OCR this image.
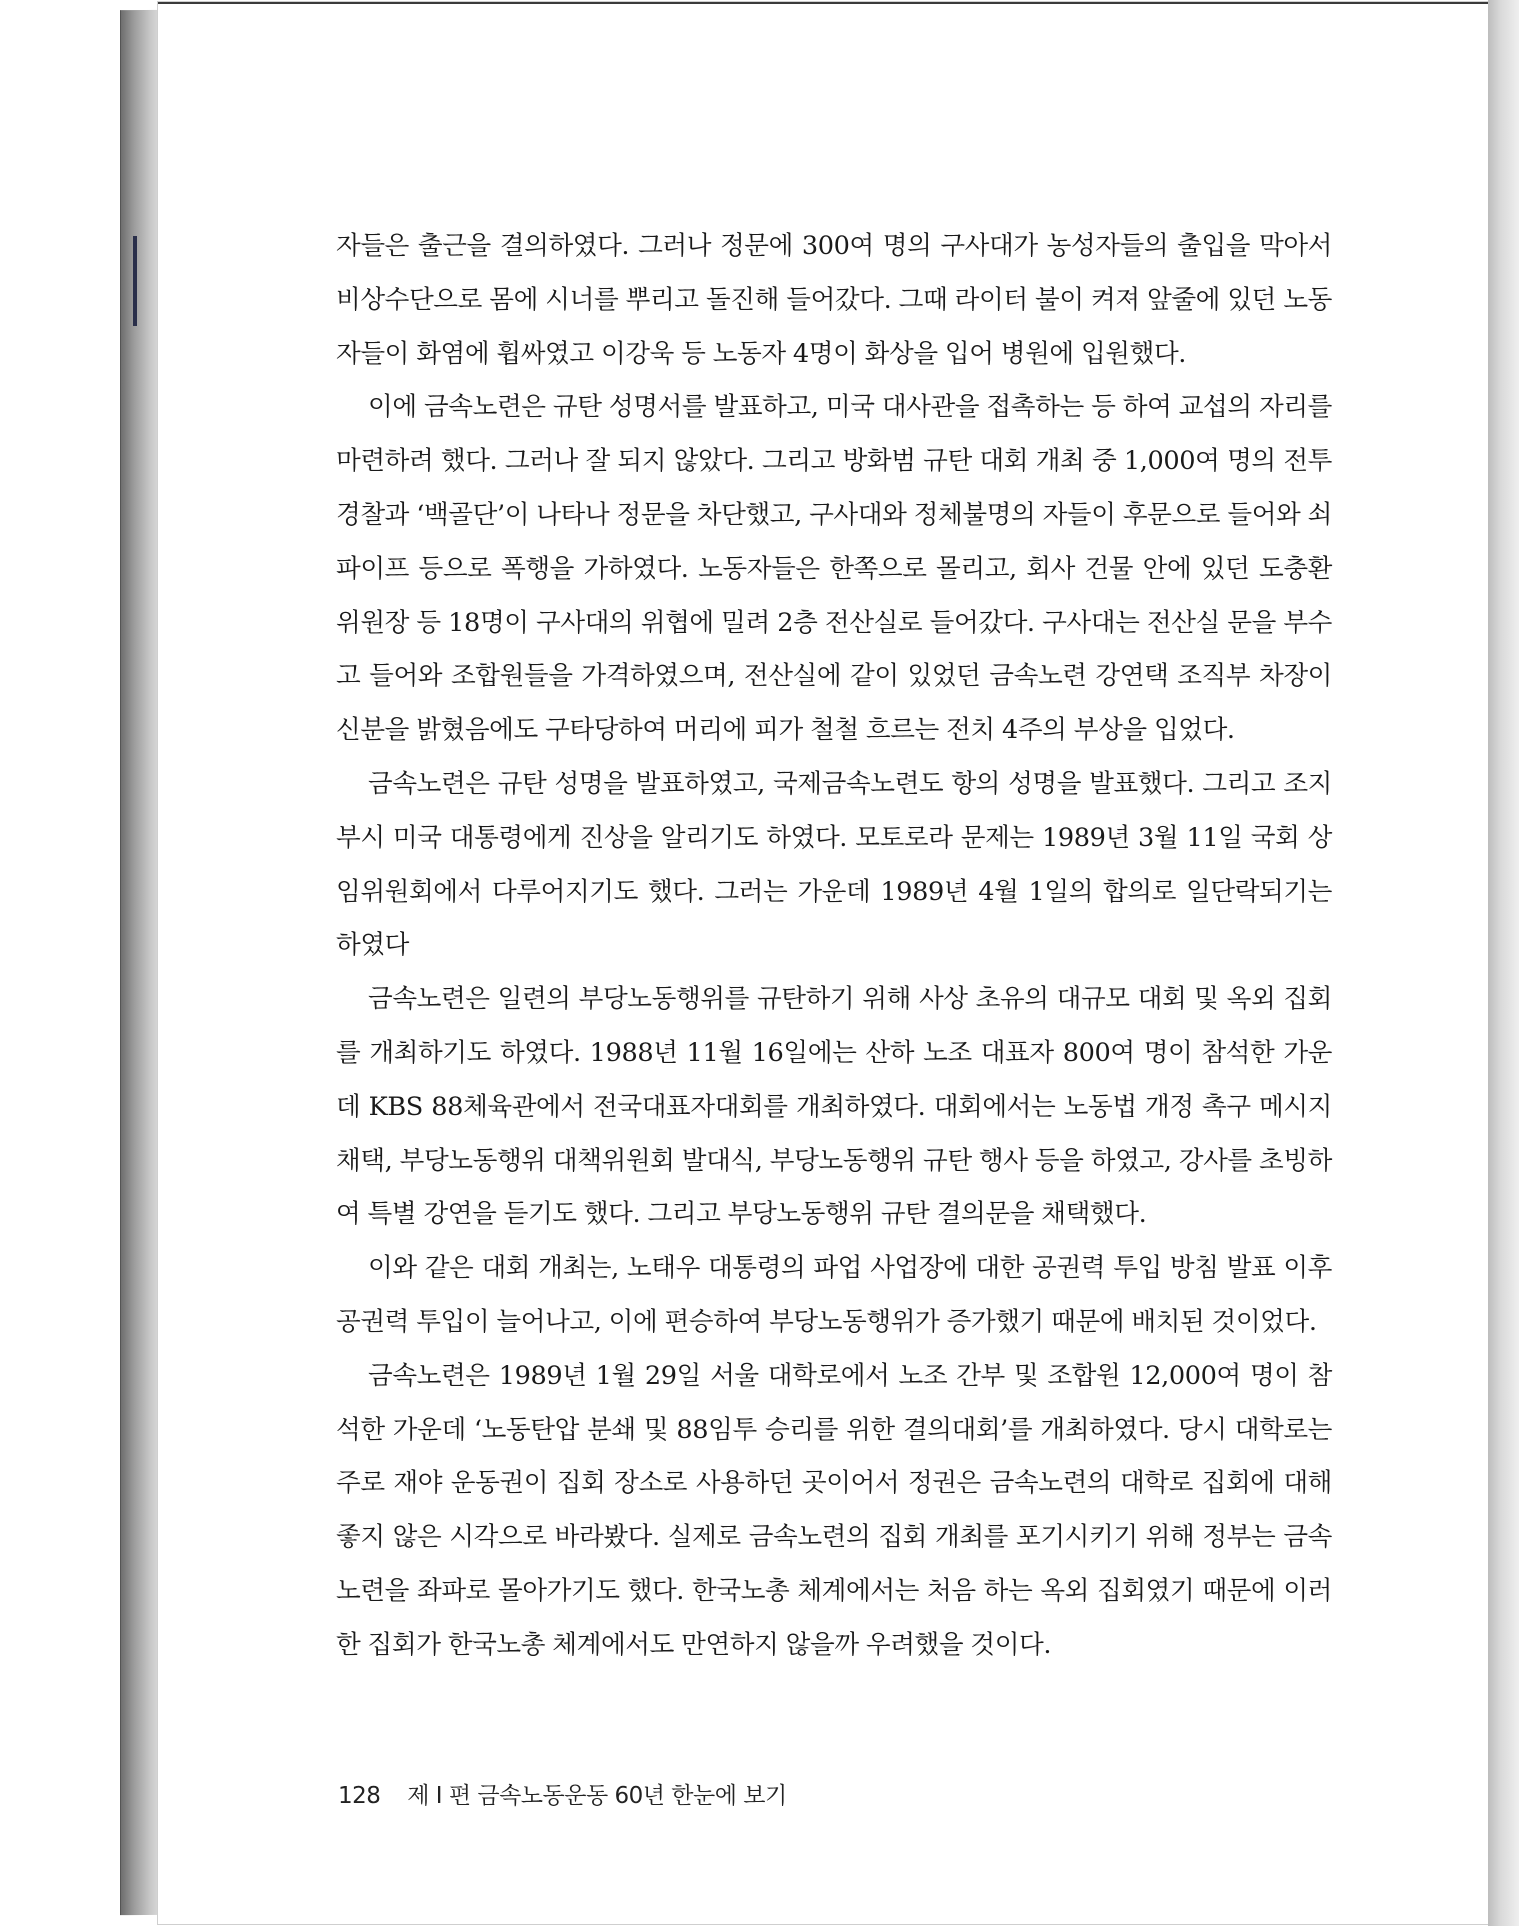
자들은 출근을 결의하였다. 그러나 정문에 300여 명의 구사대가 농성자들의 출입을 막아서 비상수단으로 몸에 시너를 뿌리고 돌진해 들어갔다. 그때 라이터 불이 켜져 앞줄에 있던 노동자들이 화염에 휩싸였고 이강욱 등 노동자 4명이 화상을 입어 병원에 입원했다.

이에 금속노련은 규탄 성명서를 발표하고, 미국 대사관을 접촉하는 등 하여 교섭의 자리를 마련하려 했다. 그러나 잘 되지 않았다. 그리고 방화범 규탄 대회 개최 중 1,000여 명의 전투 경찰과 ‘백골단’이 나타나 정문을 차단했고, 구사대와 정체불명의 자들이 후문으로 들어와 쇠 파이프 등으로 폭행을 가하였다. 노동자들은 한쪽으로 몰리고, 회사 건물 안에 있던 도충환 위원장 등 18명이 구사대의 위협에 밀려 2층 전산실로 들어갔다. 구사대는 전산실 문을 부수고 들어와 조합원들을 가격하였으며, 전산실에 같이 있었던 금속노련 강연택 조직부 차장이 신분을 밝혔음에도 구타당하여 머리에 피가 철철 흐르는 전치 4주의 부상을 입었다.

금속노련은 규탄 성명을 발표하였고, 국제금속노련도 항의 성명을 발표했다. 그리고 조지 부시 미국 대통령에게 진상을 알리기도 하였다. 모토로라 문제는 1989년 3월 11일 국회 상임위원회에서 다루어지기도 했다. 그러는 가운데 1989년 4월 1일의 합의로 일단락되기는 하였다

금속노련은 일련의 부당노동행위를 규탄하기 위해 사상 초유의 대규모 대회 및 옥외 집회를 개최하기도 하였다. 1988년 11월 16일에는 산하 노조 대표자 800여 명이 참석한 가운데 KBS 88체육관에서 전국대표자대회를 개최하였다. 대회에서는 노동법 개정 촉구 메시지 채택, 부당노동행위 대책위원회 발대식, 부당노동행위 규탄 행사 등을 하였고, 강사를 초빙하여 특별 강연을 듣기도 했다. 그리고 부당노동행위 규탄 결의문을 채택했다.

이와 같은 대회 개최는, 노태우 대통령의 파업 사업장에 대한 공권력 투입 방침 발표 이후 공권력 투입이 늘어나고, 이에 편승하여 부당노동행위가 증가했기 때문에 배치된 것이었다.

금속노련은 1989년 1월 29일 서울 대학로에서 노조 간부 및 조합원 12,000여 명이 참석한 가운데 ‘노동탄압 분쇄 및 88임투 승리를 위한 결의대회’를 개최하였다. 당시 대학로는 주로 재야 운동권이 집회 장소로 사용하던 곳이어서 정권은 금속노련의 대학로 집회에 대해 좋지 않은 시각으로 바라봤다. 실제로 금속노련의 집회 개최를 포기시키기 위해 정부는 금속노련을 좌파로 몰아가기도 했다. 한국노총 체계에서는 처음 하는 옥외 집회였기 때문에 이러한 집회가 한국노총 체계에서도 만연하지 않을까 우려했을 것이다.

128 제 I 편 금속노동운동 60년 한눈에 보기
